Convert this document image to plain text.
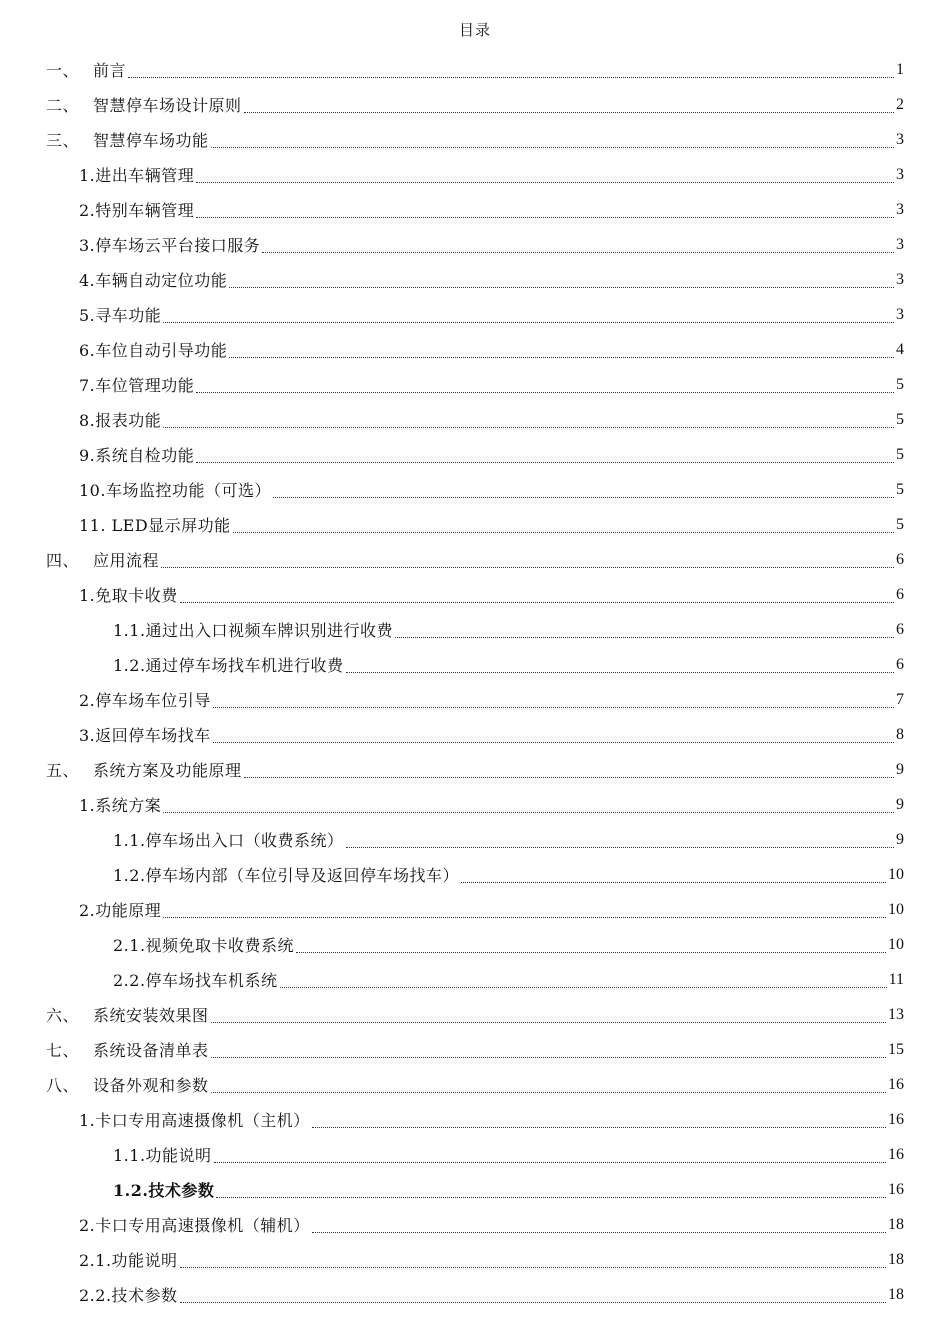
目录
一、 前言	1
二、 智慧停车场设计原则	2
三、 智慧停车场功能	3
1.进出车辆管理	3
2.特别车辆管理	3
3.停车场云平台接口服务	3
4.车辆自动定位功能	3
5.寻车功能	3
6.车位自动引导功能	4
7.车位管理功能	5
8.报表功能	5
9.系统自检功能	5
10.车场监控功能（可选）	5
11. LED显示屏功能	5
四、 应用流程	6
1.免取卡收费	6
1.1.通过出入口视频车牌识别进行收费	6
1.2.通过停车场找车机进行收费	6
2.停车场车位引导	7
3.返回停车场找车	8
五、 系统方案及功能原理	9
1.系统方案	9
1.1.停车场出入口（收费系统）	9
1.2.停车场内部（车位引导及返回停车场找车）	10
2.功能原理	10
2.1.视频免取卡收费系统	10
2.2.停车场找车机系统	11
六、 系统安装效果图	13
七、 系统设备清单表	15
八、 设备外观和参数	16
1.卡口专用高速摄像机（主机）	16
1.1.功能说明	16
1.2.技术参数	16
2.卡口专用高速摄像机（辅机）	18
2.1.功能说明	18
2.2.技术参数	18
